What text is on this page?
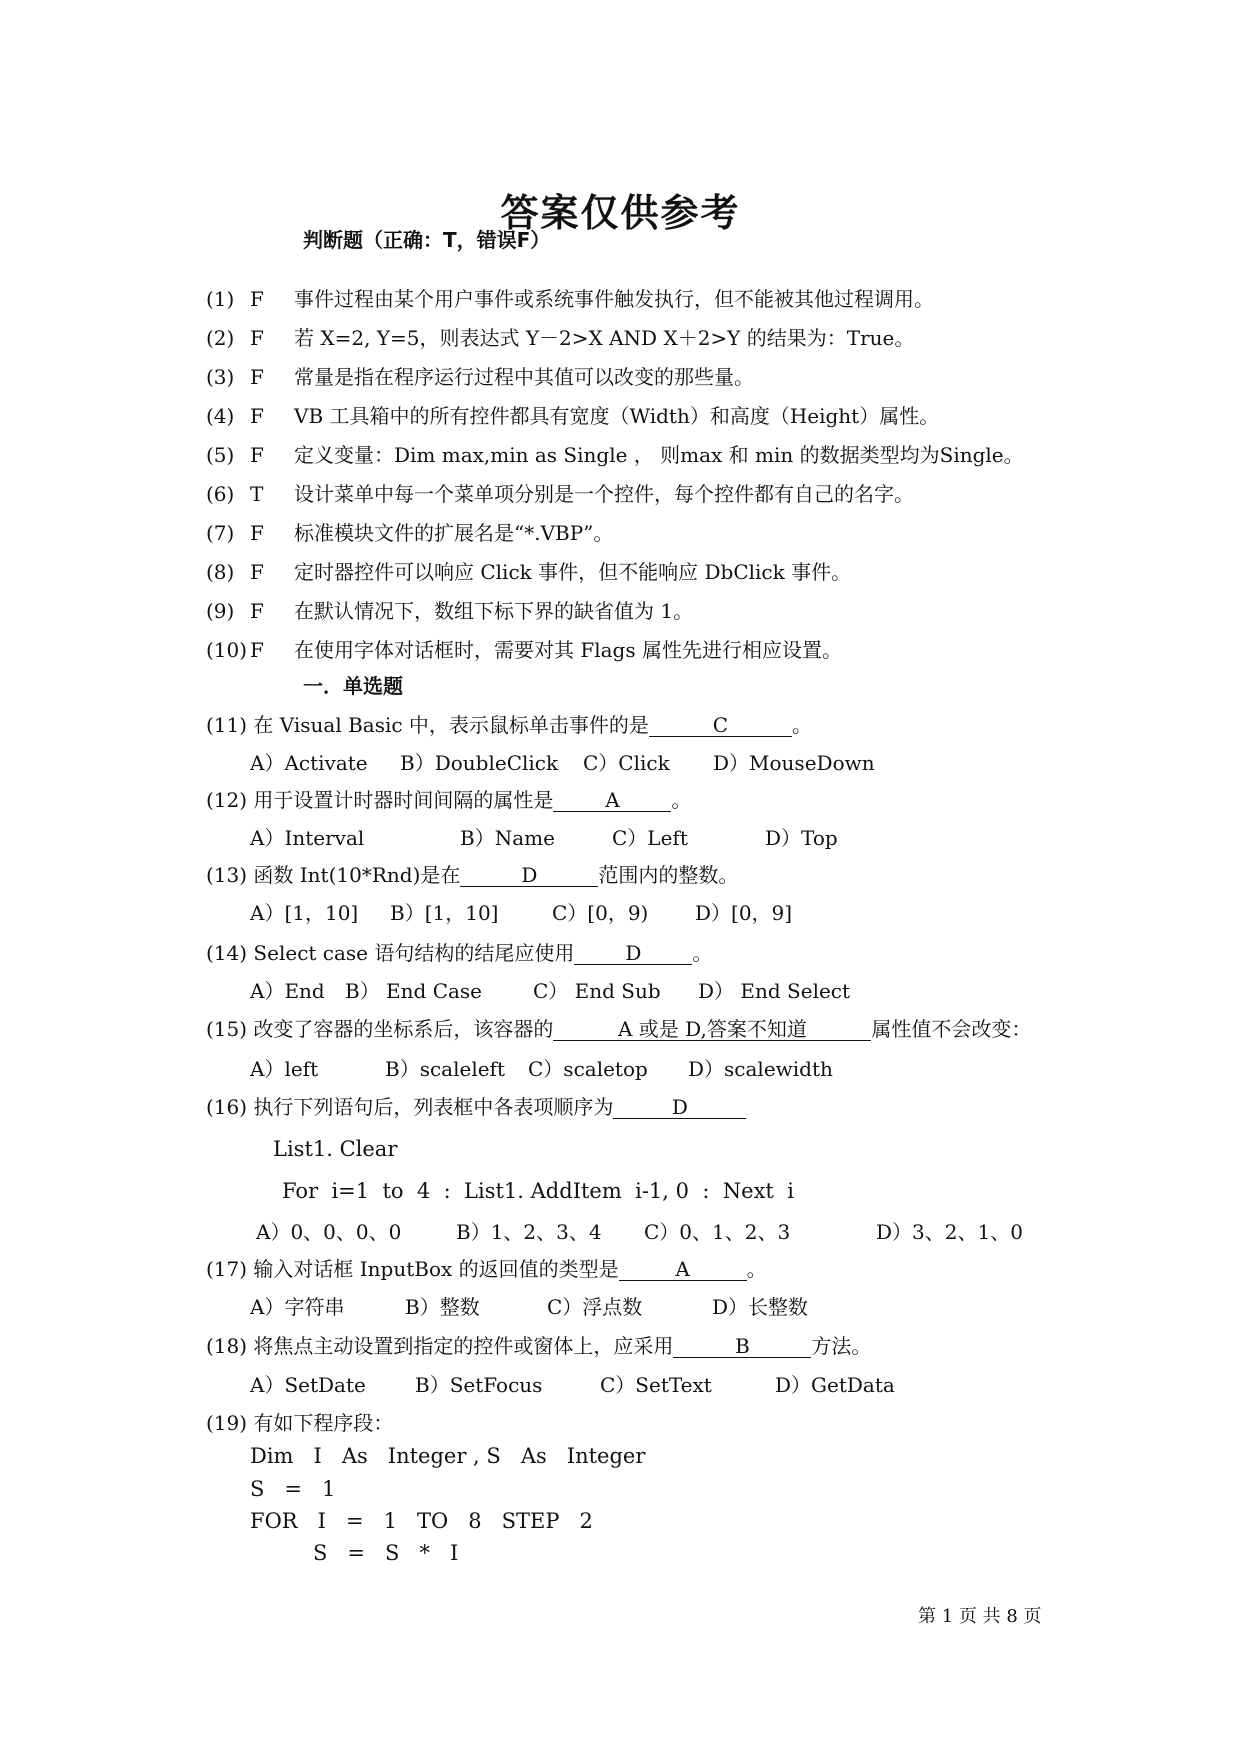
答案仅供参考
判断题（正确：T，错误F）
(1) F 事件过程由某个用户事件或系统事件触发执行，但不能被其他过程调用。
(2) F 若 X=2, Y=5，则表达式 Y－2>X AND X＋2>Y 的结果为：True。
(3) F 常量是指在程序运行过程中其值可以改变的那些量。
(4) F VB 工具箱中的所有控件都具有宽度（Width）和高度（Height）属性。
(5) F 定义变量：Dim max,min as Single ， 则max 和 min 的数据类型均为Single。
(6) T 设计菜单中每一个菜单项分别是一个控件，每个控件都有自己的名字。
(7) F 标准模块文件的扩展名是“*.VBP”。
(8) F 定时器控件可以响应 Click 事件，但不能响应 DbClick 事件。
(9) F 在默认情况下，数组下标下界的缺省值为 1。
(10) F 在使用字体对话框时，需要对其 Flags 属性先进行相应设置。
一．单选题
(11) 在 Visual Basic 中，表示鼠标单击事件的是	C	。
A）Activate B）DoubleClick C）Click D）MouseDown
(12) 用于设置计时器时间间隔的属性是	A	。
A）Interval	B）Name	C）Left	D）Top
(13) 函数 Int(10*Rnd)是在	D	范围内的整数。
A）[1，10] B）[1，10]	C）[0，9) D）[0，9]
(14) Select case 语句结构的结尾应使用	D	。
A）End B） End Case	C） End Sub D） End Select
(15) 改变了容器的坐标系后，该容器的	A 或是 D,答案不知道	属性值不会改变：
A）left	B）scaleleft C）scaletop D）scalewidth
(16) 执行下列语句后，列表框中各表项顺序为	D
List1. Clear
For  i=1  to  4  :  List1. AddItem  i-1, 0  :  Next  i
A）0、0、0、0	B）1、2、3、4 C）0、1、2、3	D）3、2、1、0
(17) 输入对话框 InputBox 的返回值的类型是	A	。
A）字符串	B）整数	C）浮点数	D）长整数
(18) 将焦点主动设置到指定的控件或窗体上，应采用	B	方法。
A）SetDate B）SetFocus	C）SetText	D）GetData
(19) 有如下程序段：
Dim   I   As   Integer , S   As   Integer
S   =   1
FOR   I   =   1   TO   8   STEP   2
S   =   S   *   I
第 1 页 共 8 页
